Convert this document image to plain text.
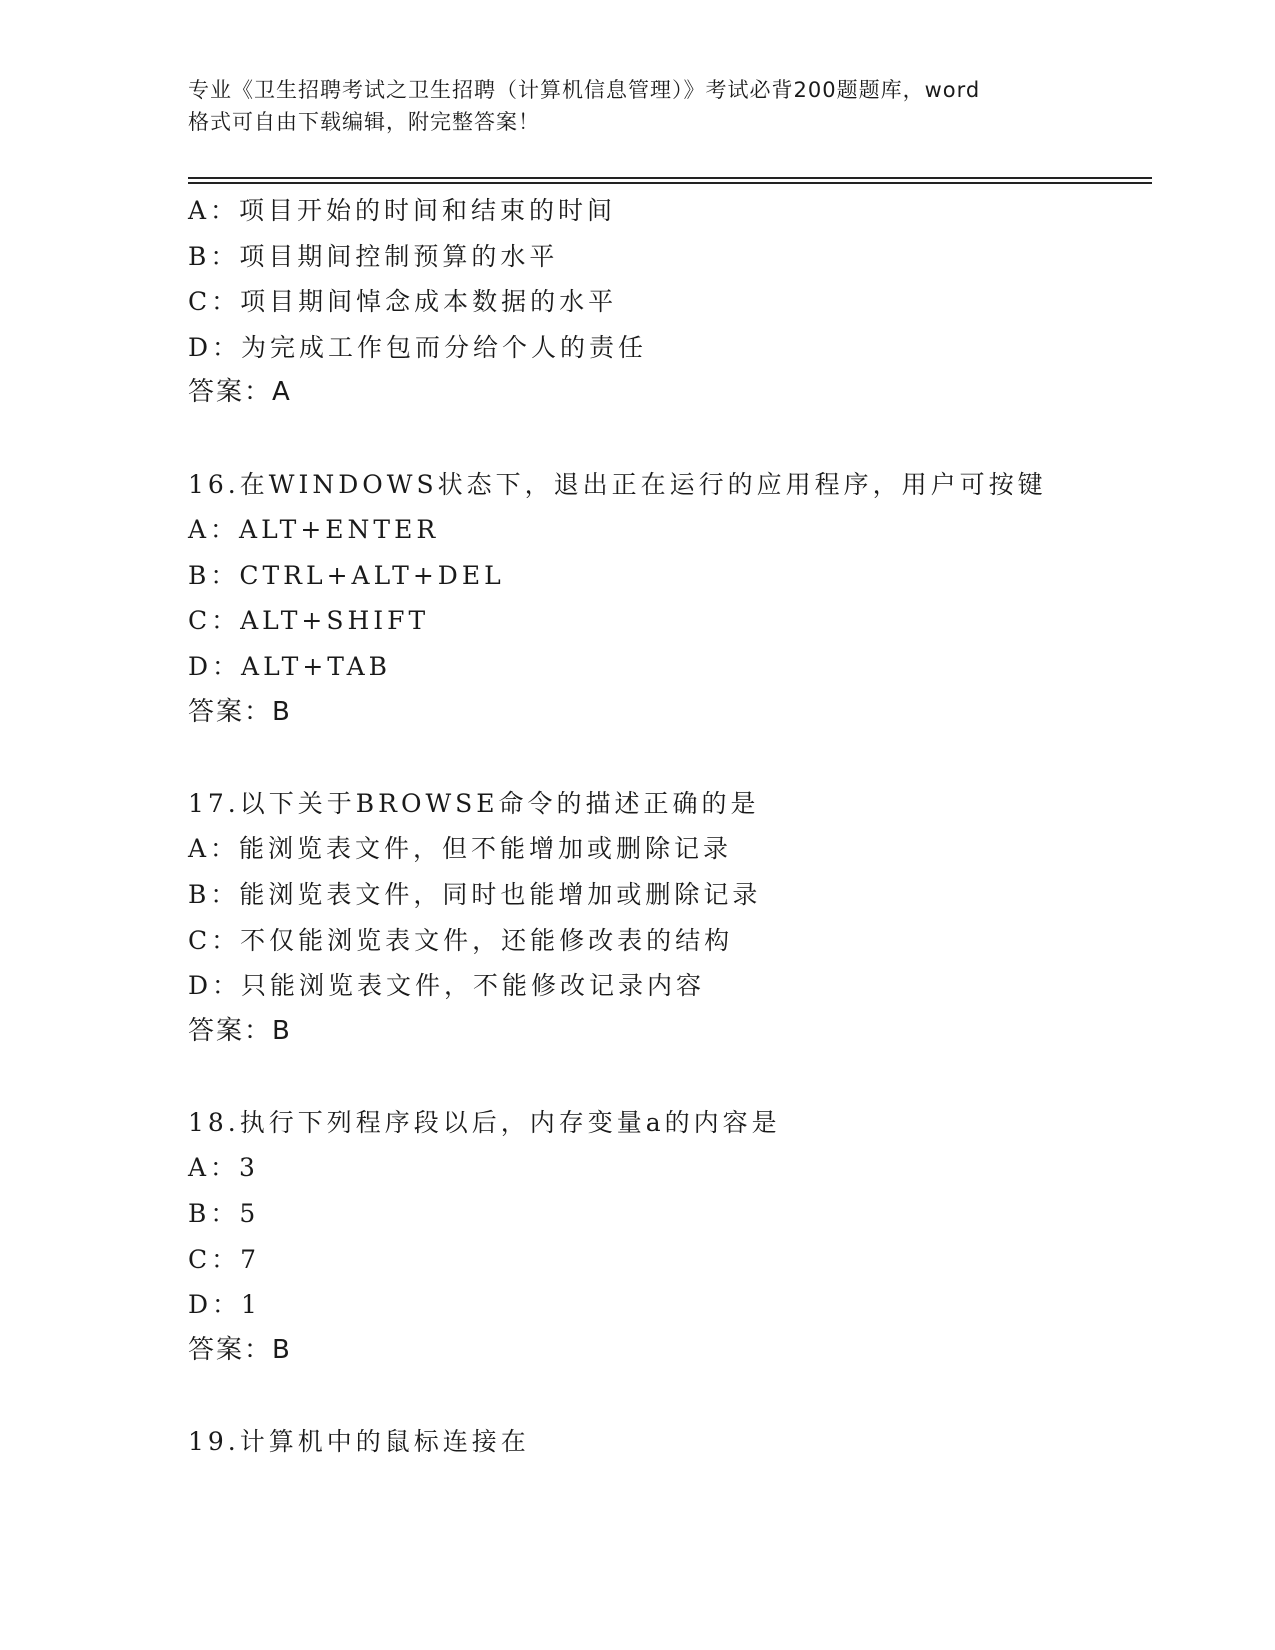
专业《卫生招聘考试之卫生招聘（计算机信息管理）》考试必背200题题库，word
格式可自由下载编辑，附完整答案！
A：项目开始的时间和结束的时间
B：项目期间控制预算的水平
C：项目期间悼念成本数据的水平
D：为完成工作包而分给个人的责任
答案：A
16.在WINDOWS状态下，退出正在运行的应用程序，用户可按键
A：ALT+ENTER
B：CTRL+ALT+DEL
C：ALT+SHIFT
D：ALT+TAB
答案：B
17.以下关于BROWSE命令的描述正确的是
A：能浏览表文件，但不能增加或删除记录
B：能浏览表文件，同时也能增加或删除记录
C：不仅能浏览表文件，还能修改表的结构
D：只能浏览表文件，不能修改记录内容
答案：B
18.执行下列程序段以后，内存变量a的内容是
A：3
B：5
C：7
D：1
答案：B
19.计算机中的鼠标连接在
